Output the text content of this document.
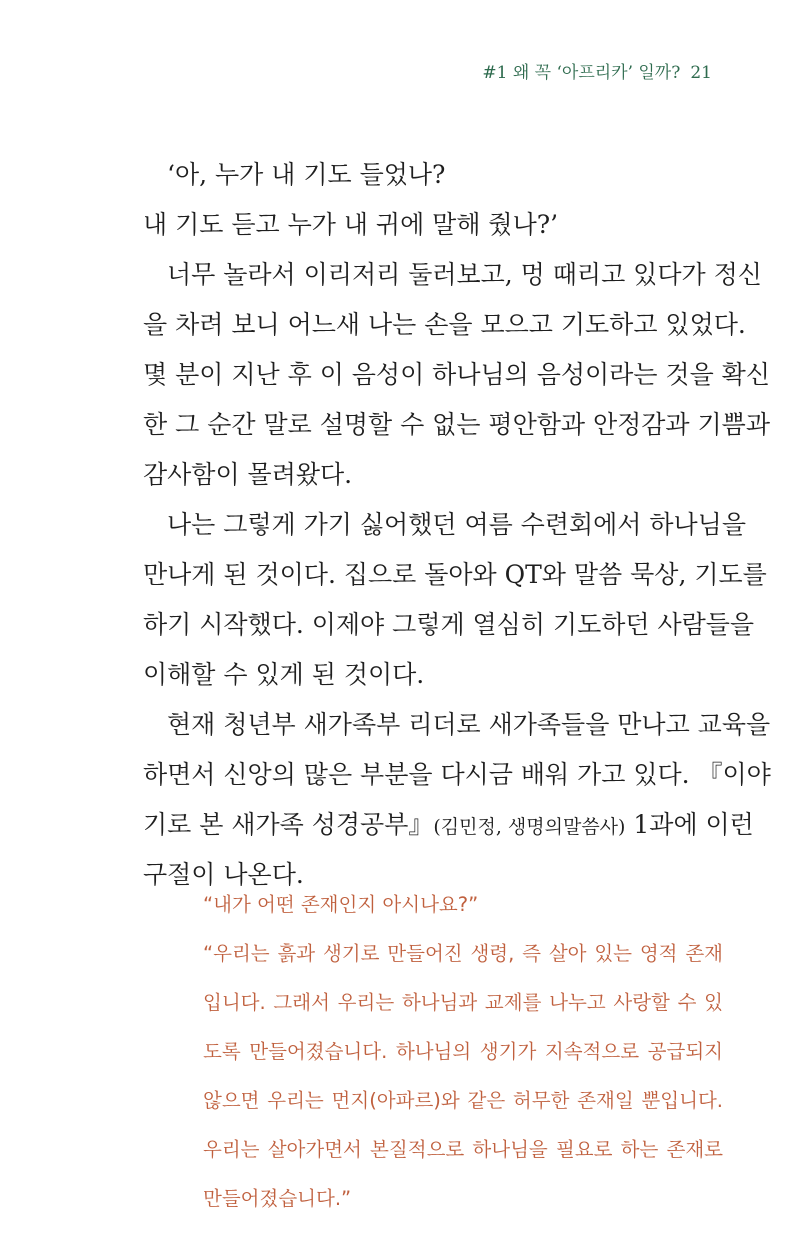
#1 왜 꼭 ‘아프리카’ 일까? 21
‘아, 누가 내 기도 들었나?
내 기도 듣고 누가 내 귀에 말해 줬나?’
너무 놀라서 이리저리 둘러보고, 멍 때리고 있다가 정신
을 차려 보니 어느새 나는 손을 모으고 기도하고 있었다.
몇 분이 지난 후 이 음성이 하나님의 음성이라는 것을 확신
한 그 순간 말로 설명할 수 없는 평안함과 안정감과 기쁨과
감사함이 몰려왔다.
나는 그렇게 가기 싫어했던 여름 수련회에서 하나님을
만나게 된 것이다. 집으로 돌아와 QT와 말씀 묵상, 기도를
하기 시작했다. 이제야 그렇게 열심히 기도하던 사람들을
이해할 수 있게 된 것이다.
현재 청년부 새가족부 리더로 새가족들을 만나고 교육을
하면서 신앙의 많은 부분을 다시금 배워 가고 있다. 『이야
기로 본 새가족 성경공부』(김민정, 생명의말씀사) 1과에 이런
구절이 나온다.
“내가 어떤 존재인지 아시나요?”
“우리는 흙과 생기로 만들어진 생령, 즉 살아 있는 영적 존재
입니다. 그래서 우리는 하나님과 교제를 나누고 사랑할 수 있
도록 만들어졌습니다. 하나님의 생기가 지속적으로 공급되지
않으면 우리는 먼지(아파르)와 같은 허무한 존재일 뿐입니다.
우리는 살아가면서 본질적으로 하나님을 필요로 하는 존재로
만들어졌습니다.”
